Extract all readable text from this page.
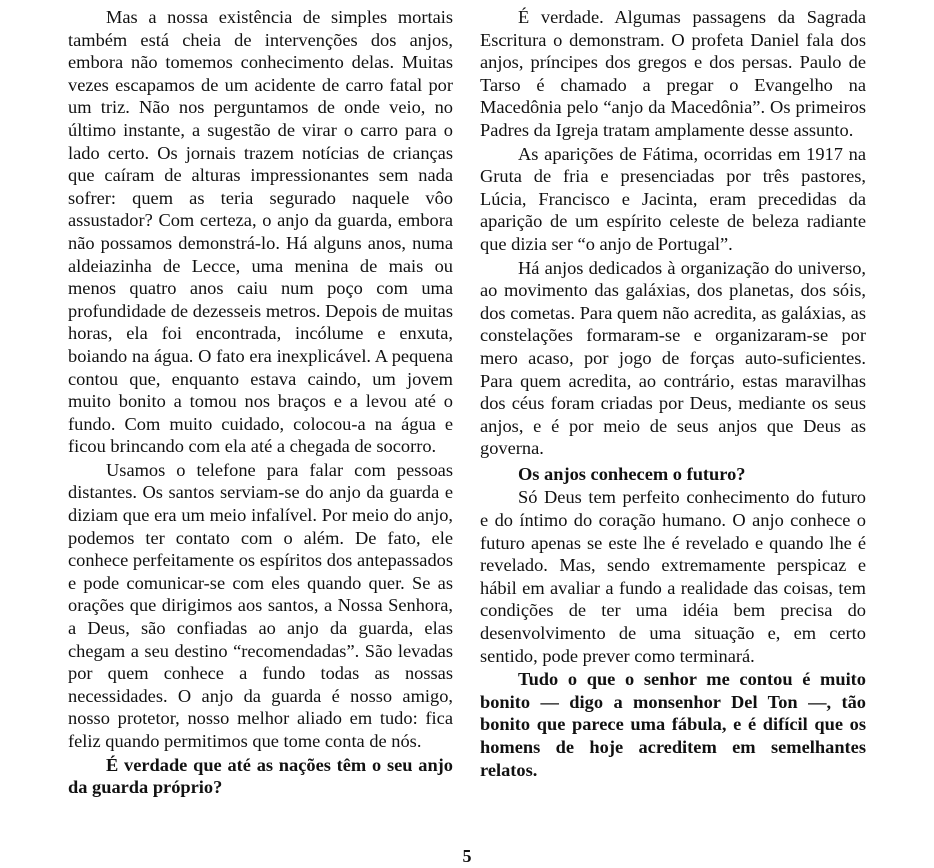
Mas a nossa existência de simples mortais também está cheia de intervenções dos anjos, embora não tomemos conhecimento delas. Muitas vezes escapamos de um acidente de carro fatal por um triz. Não nos perguntamos de onde veio, no último instante, a sugestão de virar o carro para o lado certo. Os jornais trazem notícias de crianças que caíram de alturas impressionantes sem nada sofrer: quem as teria segurado naquele vôo assustador? Com certeza, o anjo da guarda, embora não possamos demonstrá-lo. Há alguns anos, numa aldeiazinha de Lecce, uma menina de mais ou menos quatro anos caiu num poço com uma profundidade de dezesseis metros. Depois de muitas horas, ela foi encontrada, incólume e enxuta, boiando na água. O fato era inexplicável. A pequena contou que, enquanto estava caindo, um jovem muito bonito a tomou nos braços e a levou até o fundo. Com muito cuidado, colocou-a na água e ficou brincando com ela até a chegada de socorro.

Usamos o telefone para falar com pessoas distantes. Os santos serviam-se do anjo da guarda e diziam que era um meio infalível. Por meio do anjo, podemos ter contato com o além. De fato, ele conhece perfeitamente os espíritos dos antepassados e pode comunicar-se com eles quando quer. Se as orações que dirigimos aos santos, a Nossa Senhora, a Deus, são confiadas ao anjo da guarda, elas chegam a seu destino “recomendadas”. São levadas por quem conhece a fundo todas as nossas necessidades. O anjo da guarda é nosso amigo, nosso protetor, nosso melhor aliado em tudo: fica feliz quando permitimos que tome conta de nós.

É verdade que até as nações têm o seu anjo da guarda próprio?

É verdade. Algumas passagens da Sagrada Escritura o demonstram. O profeta Daniel fala dos anjos, príncipes dos gregos e dos persas. Paulo de Tarso é chamado a pregar o Evangelho na Macedônia pelo “anjo da Macedônia”. Os primeiros Padres da Igreja tratam amplamente desse assunto.

As aparições de Fátima, ocorridas em 1917 na Gruta de fria e presenciadas por três pastores, Lúcia, Francisco e Jacinta, eram precedidas da aparição de um espírito celeste de beleza radiante que dizia ser “o anjo de Portugal”.

Há anjos dedicados à organização do universo, ao movimento das galáxias, dos planetas, dos sóis, dos cometas. Para quem não acredita, as galáxias, as constelações formaram-se e organizaram-se por mero acaso, por jogo de forças auto-suficientes. Para quem acredita, ao contrário, estas maravilhas dos céus foram criadas por Deus, mediante os seus anjos, e é por meio de seus anjos que Deus as governa.

Os anjos conhecem o futuro?

Só Deus tem perfeito conhecimento do futuro e do íntimo do coração humano. O anjo conhece o futuro apenas se este lhe é revelado e quando lhe é revelado. Mas, sendo extremamente perspicaz e hábil em avaliar a fundo a realidade das coisas, tem condições de ter uma idéia bem precisa do desenvolvimento de uma situação e, em certo sentido, pode prever como terminará.

Tudo o que o senhor me contou é muito bonito — digo a monsenhor Del Ton —, tão bonito que parece uma fábula, e é difícil que os homens de hoje acreditem em semelhantes relatos.

5
